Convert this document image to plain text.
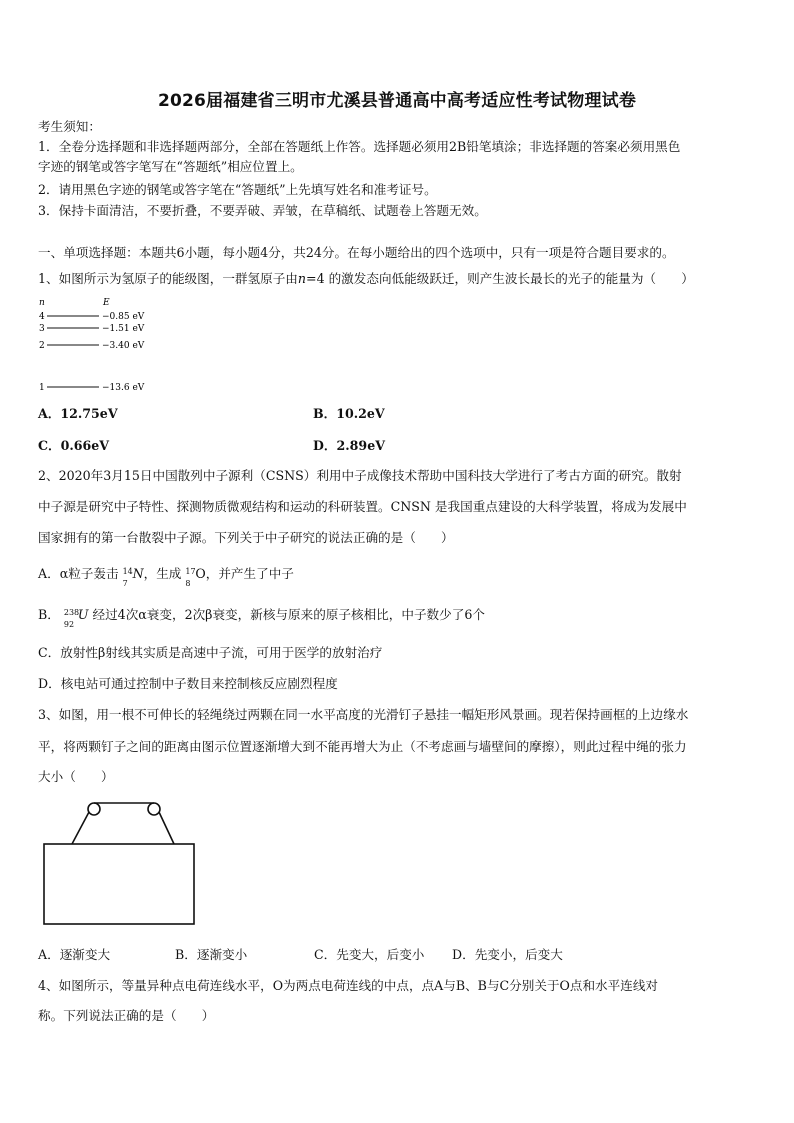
2026届福建省三明市尤溪县普通高中高考适应性考试物理试卷
考生须知：
1．全卷分选择题和非选择题两部分，全部在答题纸上作答。选择题必须用2B铅笔填涂；非选择题的答案必须用黑色
字迹的钢笔或答字笔写在“答题纸”相应位置上。
2．请用黑色字迹的钢笔或答字笔在“答题纸”上先填写姓名和准考证号。
3．保持卡面清洁，不要折叠，不要弄破、弄皱，在草稿纸、试题卷上答题无效。
一、单项选择题：本题共6小题，每小题4分，共24分。在每小题给出的四个选项中，只有一项是符合题目要求的。
1、如图所示为氢原子的能级图，一群氢原子由n=4 的激发态向低能级跃迁，则产生波长最长的光子的能量为（　　）
n	E
4	−0.85 eV
3	−1.51 eV
2	−3.40 eV
1	−13.6 eV
A．12.75eV	B．10.2eV
C．0.66eV	D．2.89eV
2、2020年3月15日中国散列中子源利（CSNS）利用中子成像技术帮助中国科技大学进行了考古方面的研究。散射
中子源是研究中子特性、探测物质微观结构和运动的科研装置。CNSN 是我国重点建设的大科学装置，将成为发展中
国家拥有的第一台散裂中子源。下列关于中子研究的说法正确的是（　　）
A．α粒子轰击 14
7
N，生成 17
8
O，并产生了中子
B． 238
92
U 经过4次α衰变，2次β衰变，新核与原来的原子核相比，中子数少了6个
C．放射性β射线其实质是高速中子流，可用于医学的放射治疗
D．核电站可通过控制中子数目来控制核反应剧烈程度
3、如图，用一根不可伸长的轻绳绕过两颗在同一水平高度的光滑钉子悬挂一幅矩形风景画。现若保持画框的上边缘水
平，将两颗钉子之间的距离由图示位置逐渐增大到不能再增大为止（不考虑画与墙壁间的摩擦），则此过程中绳的张力
大小（　　）
A．逐渐变大	B．逐渐变小	C．先变大，后变小 D．先变小，后变大
4、如图所示，等量异种点电荷连线水平，O为两点电荷连线的中点，点A与B、B与C分别关于O点和水平连线对
称。下列说法正确的是（　　）
